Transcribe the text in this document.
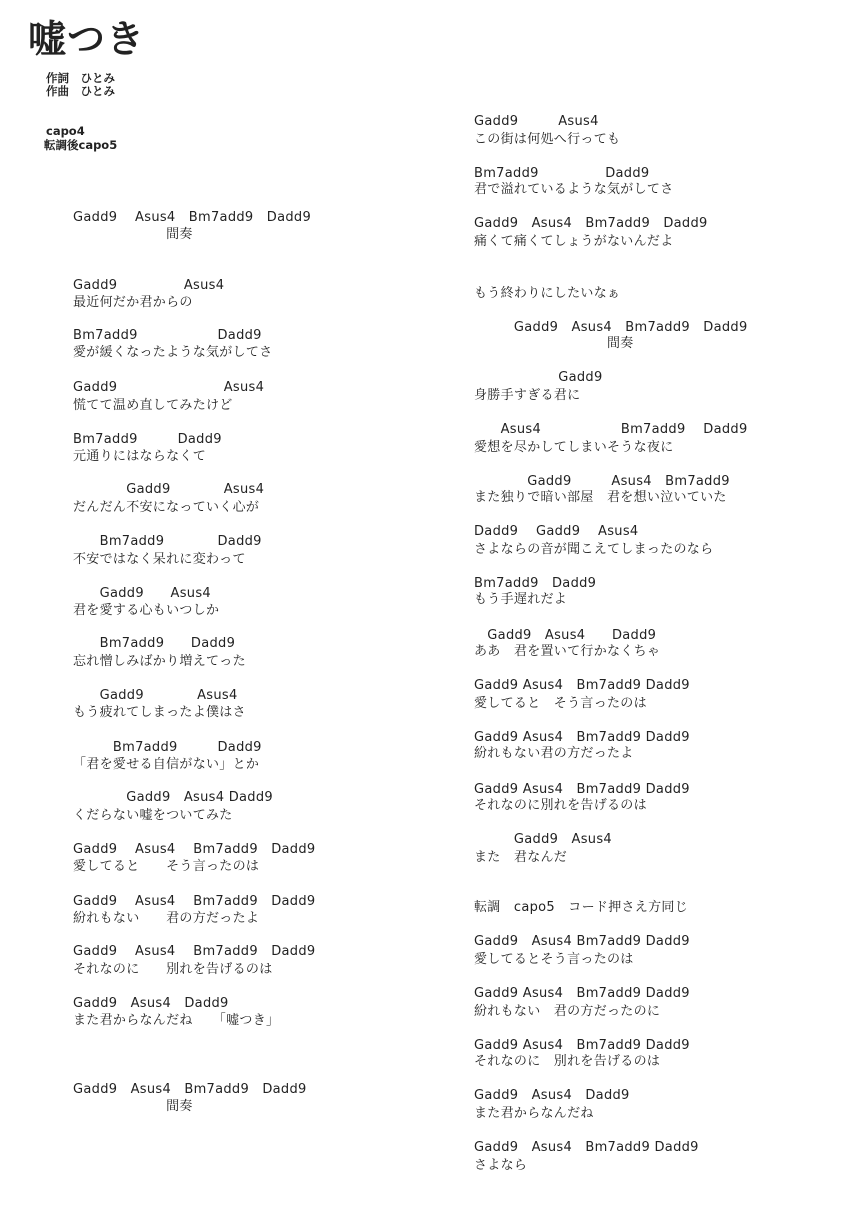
嘘つき
作詞　ひとみ
作曲　ひとみ
capo4
転調後capo5
Gadd9　 Asus4　Bm7add9　Dadd9
　　　　　　　間奏
Gadd9　　　　　Asus4
最近何だか君からの
Bm7add9　　　　　　Dadd9
愛が緩くなったような気がしてさ
Gadd9　　　　　　　　Asus4
慌てて温め直してみたけど
Bm7add9　　　Dadd9
元通りにはならなくて
　　　　Gadd9　　　　Asus4
だんだん不安になっていく心が
　　Bm7add9　　　　Dadd9
不安ではなく呆れに変わって
　　Gadd9　　Asus4
君を愛する心もいつしか
　　Bm7add9　　Dadd9
忘れ憎しみばかり増えてった
　　Gadd9　　　　Asus4
もう疲れてしまったよ僕はさ
　　　Bm7add9　　　Dadd9
「君を愛せる自信がない」とか
　　　　Gadd9　Asus4 Dadd9
くだらない嘘をついてみた
Gadd9　 Asus4　 Bm7add9　Dadd9
愛してると　　そう言ったのは
Gadd9　 Asus4　 Bm7add9　Dadd9
紛れもない　　君の方だったよ
Gadd9　 Asus4　 Bm7add9　Dadd9
それなのに　　別れを告げるのは
Gadd9　Asus4　Dadd9
また君からなんだね　　「嘘つき」
Gadd9　Asus4　Bm7add9　Dadd9
　　　　　　　間奏
Gadd9　　　Asus4
この街は何処へ行っても
Bm7add9　　　　　Dadd9
君で溢れているような気がしてさ
Gadd9　Asus4　Bm7add9　Dadd9
痛くて痛くてしょうがないんだよ
もう終わりにしたいなぁ
　　　Gadd9　Asus4　Bm7add9　Dadd9
　　　　　　　　　　間奏
　　　　　　 Gadd9
身勝手すぎる君に
　　Asus4　　　　　　Bm7add9　 Dadd9
愛想を尽かしてしまいそうな夜に
　　　　Gadd9　　　Asus4　Bm7add9
また独りで暗い部屋　君を想い泣いていた
Dadd9　 Gadd9　 Asus4
さよならの音が聞こえてしまったのなら
Bm7add9　Dadd9
もう手遅れだよ
　Gadd9　Asus4　　Dadd9
ああ　君を置いて行かなくちゃ
Gadd9 Asus4　Bm7add9 Dadd9
愛してると　そう言ったのは
Gadd9 Asus4　Bm7add9 Dadd9
紛れもない君の方だったよ
Gadd9 Asus4　Bm7add9 Dadd9
それなのに別れを告げるのは
　　　Gadd9　Asus4
また　君なんだ
転調　capo5　コード押さえ方同じ
Gadd9　Asus4 Bm7add9 Dadd9
愛してるとそう言ったのは
Gadd9 Asus4　Bm7add9 Dadd9
紛れもない　君の方だったのに
Gadd9 Asus4　Bm7add9 Dadd9
それなのに　別れを告げるのは
Gadd9　Asus4　Dadd9
また君からなんだね
Gadd9　Asus4　Bm7add9 Dadd9
さよなら
